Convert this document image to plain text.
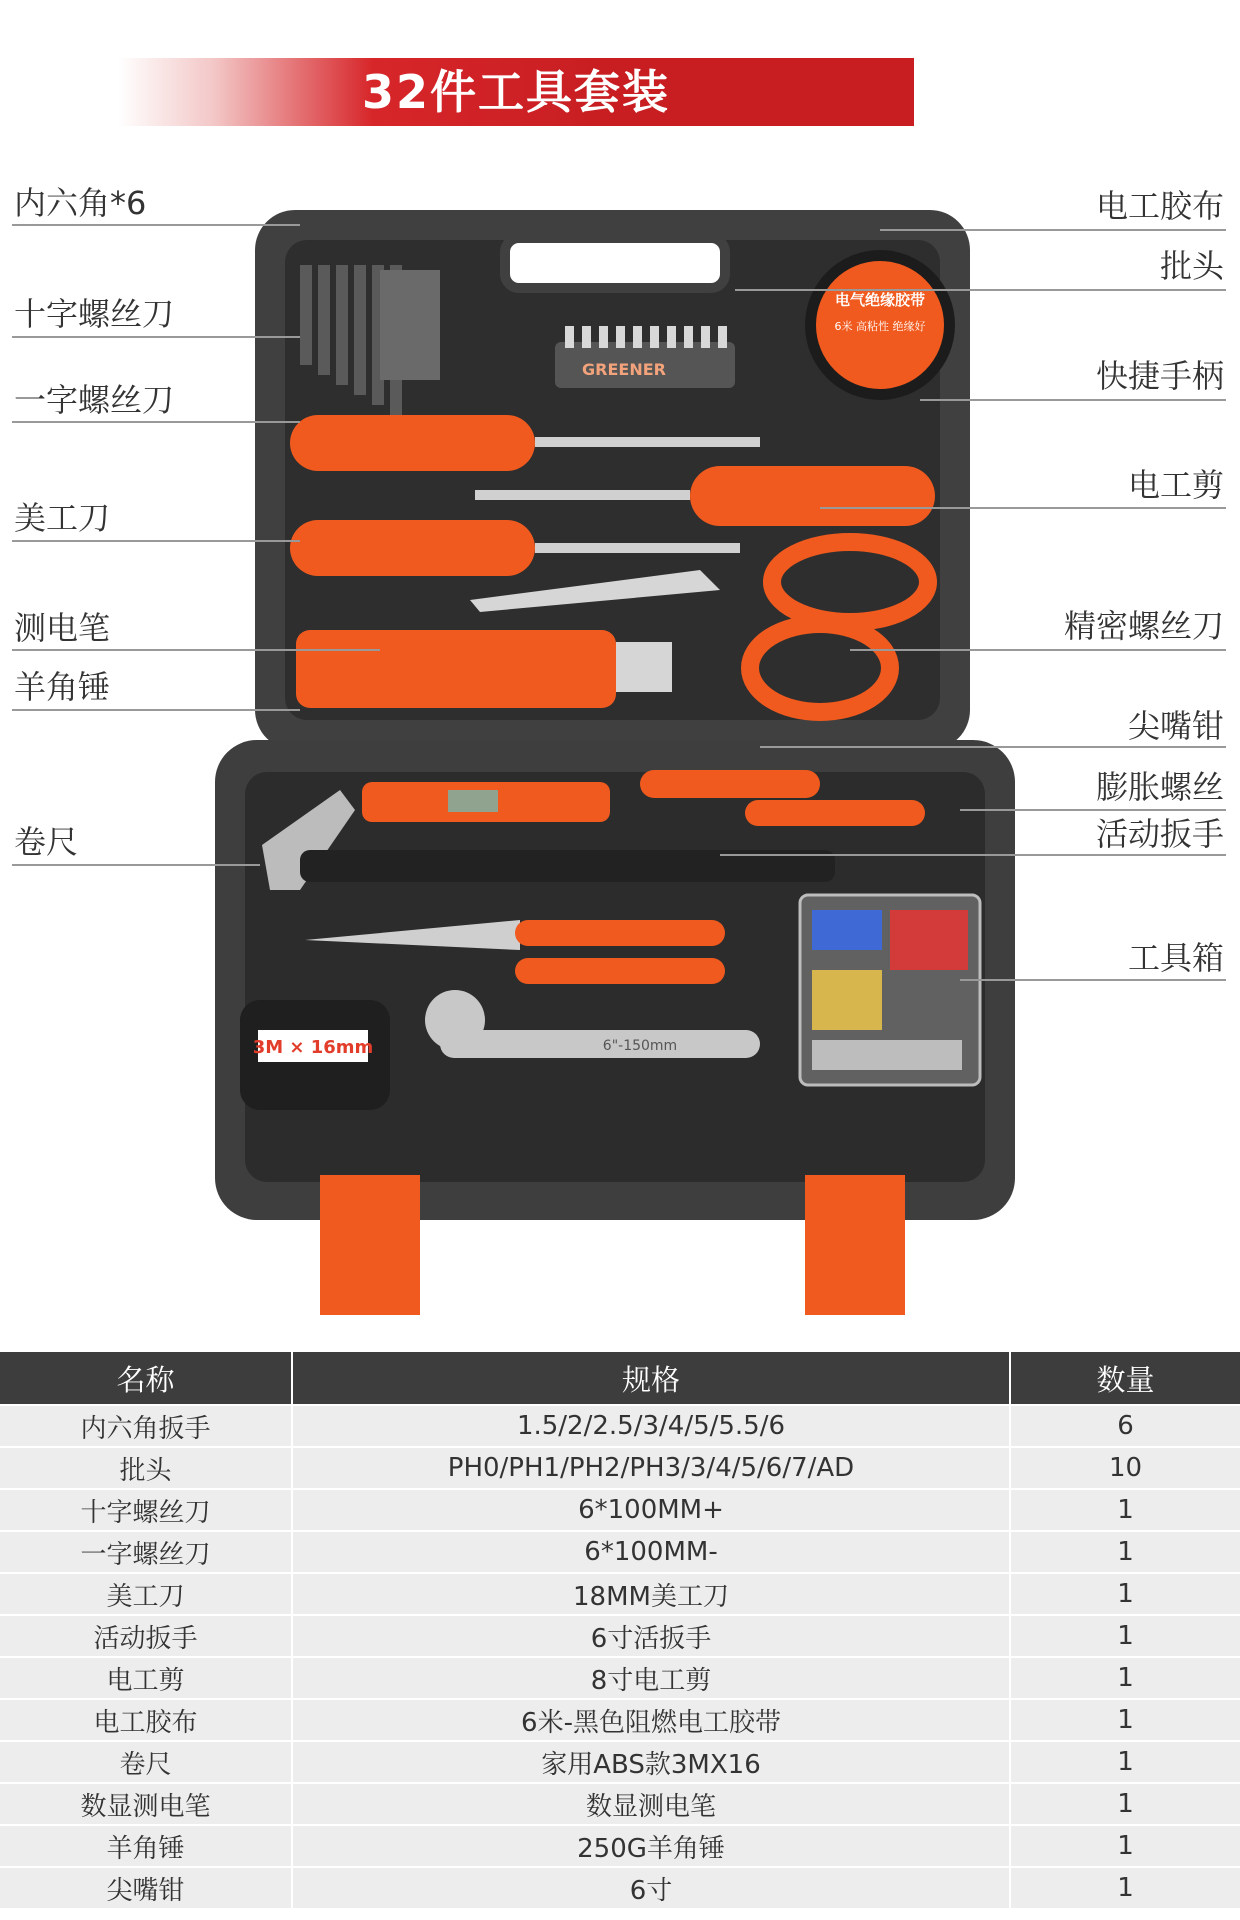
32件工具套装
GREENER
电气绝缘胶带
6米 高粘性 绝缘好
3M × 16mm	6"-150mm
内六角*6
十字螺丝刀
一字螺丝刀
美工刀
测电笔
羊角锤
卷尺
电工胶布
批头
快捷手柄
电工剪
精密螺丝刀
尖嘴钳
膨胀螺丝
活动扳手
工具箱
名称	规格	数量
内六角扳手	1.5/2/2.5/3/4/5/5.5/6	6
批头	PH0/PH1/PH2/PH3/3/4/5/6/7/AD	10
十字螺丝刀	6*100MM+	1
一字螺丝刀	6*100MM-	1
美工刀	18MM美工刀	1
活动扳手	6寸活扳手	1
电工剪	8寸电工剪	1
电工胶布	6米-黑色阻燃电工胶带	1
卷尺	家用ABS款3MX16	1
数显测电笔	数显测电笔	1
羊角锤	250G羊角锤	1
尖嘴钳	6寸	1
